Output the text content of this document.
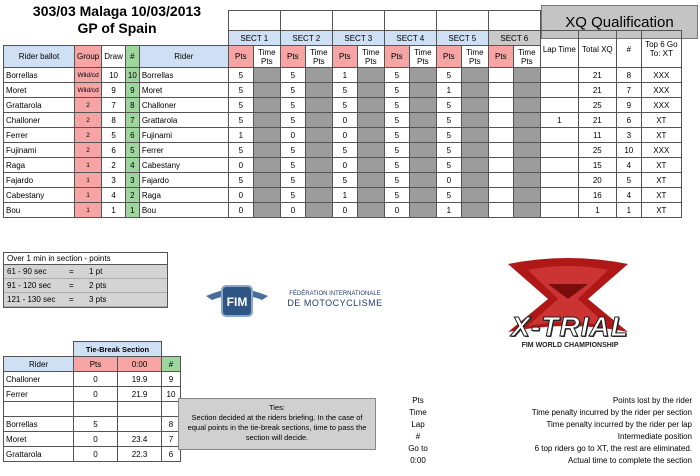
303/03 Malaga 10/03/2013
GP of Spain	XQ Qualification

					SECT 1		SECT 2		SECT 3		SECT 4		SECT 5		SECT 6		Lap Time	Total XQ	#	Top 6 Go To: XT
Rider ballot	Group	Draw	#	Rider	Pts	Time Pts	Pts	Time Pts	Pts	Time Pts	Pts	Time Pts	Pts	Time Pts	Pts	Time Pts				
Borrellas	Wild/cd	10	10	Borrellas	5		5		1		5		5					21	8	XXX
Moret	Wild/cd	9	9	Moret	5		5		5		5		1					21	7	XXX
Grattarola	2	7	8	Challoner	5		5		5		5		5					25	9	XXX
Challoner	2	8	7	Grattarola	5		5		0		5		5				1	21	6	XT
Ferrer	2	5	6	Fujinami	1		0		0		5		5					11	3	XT
Fujinami	2	6	5	Ferrer	5		5		5		5		5					25	10	XXX
Raga	1	2	4	Cabestany	0		5		0		5		5					15	4	XT
Fajardo	1	3	3	Fajardo	5		5		5		5		0					20	5	XT
Cabestany	1	4	2	Raga	0		5		1		5		5					16	4	XT
Bou	1	1	1	Bou	0		0		0		0		1					1	1	XT
Over 1 min in section - points
61 - 90 sec	=	1 pt
91 - 120 sec	=	2 pts
121 - 130 sec	=	3 pts	FIM
FÉDÉRATION INTERNATIONALE
DE MOTOCYCLISME
X-TRIAL
FIM WORLD CHAMPIONSHIP
	Tie-Break Section		
Rider	Pts	0:00	#
Challoner	0	19.9	9
Ferrer	0	21.9	10

Borrellas	5		8
Moret	0	23.4	7
Grattarola	0	22.3	6
Ties:
Section decided at the riders briefing. In the case of equal points in the tie-break sections, time to pass the section will decide.
Pts	Points lost by the rider
Time	Time penalty incurred by the rider per section
Lap	Time penalty incurred by the rider per lap
#	Intermediate position
Go to	6 top riders go to XT, the rest are eliminated.
0:00	Actual time to complete the section
